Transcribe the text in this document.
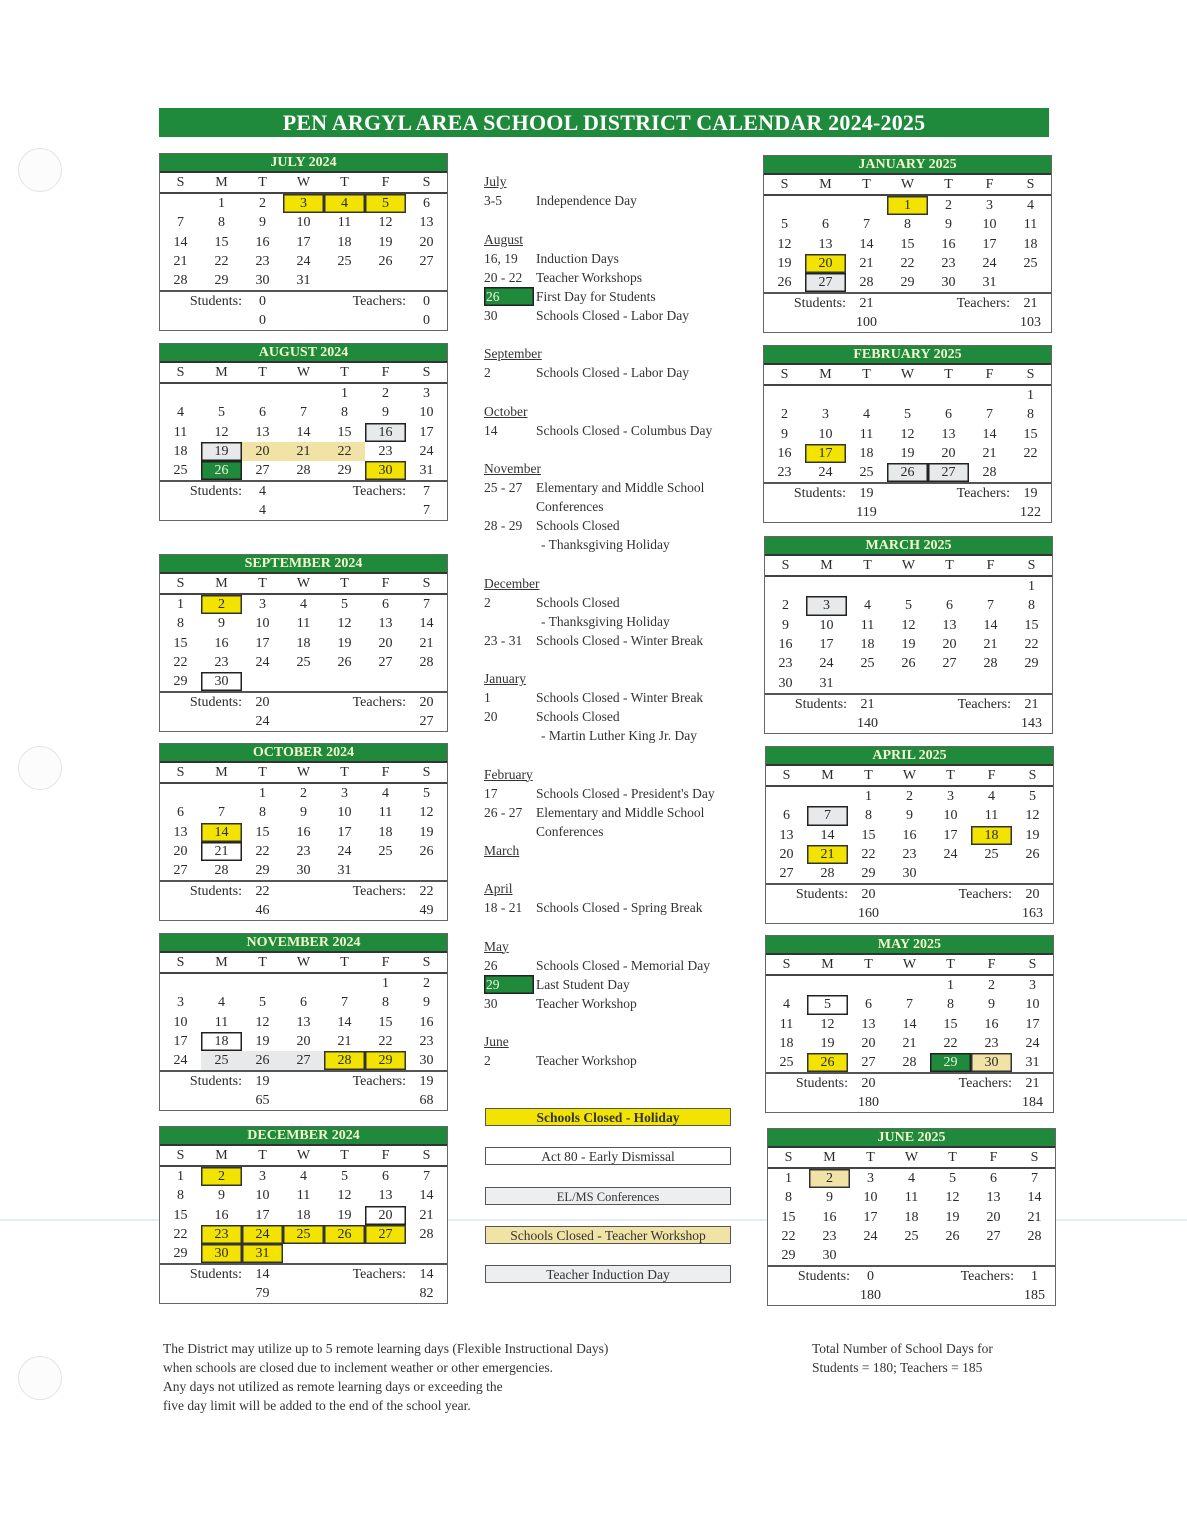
PEN ARGYL AREA SCHOOL DISTRICT CALENDAR 2024-2025
JULY 2024
S	M	T	W	T	F	S
	1	2	3	4	5	6
7	8	9	10	11	12	13
14	15	16	17	18	19	20
21	22	23	24	25	26	27
28	29	30	31			
Students:	0	Teachers:	0
	0		0
AUGUST 2024
S	M	T	W	T	F	S
				1	2	3
4	5	6	7	8	9	10
11	12	13	14	15	16	17
18	19	20	21	22	23	24
25	26	27	28	29	30	31
Students:	4	Teachers:	7
	4		7
SEPTEMBER 2024
S	M	T	W	T	F	S
1	2	3	4	5	6	7
8	9	10	11	12	13	14
15	16	17	18	19	20	21
22	23	24	25	26	27	28
29	30					
Students:	20	Teachers:	20
	24		27
OCTOBER 2024
S	M	T	W	T	F	S
		1	2	3	4	5
6	7	8	9	10	11	12
13	14	15	16	17	18	19
20	21	22	23	24	25	26
27	28	29	30	31		
Students:	22	Teachers:	22
	46		49
NOVEMBER 2024
S	M	T	W	T	F	S
					1	2
3	4	5	6	7	8	9
10	11	12	13	14	15	16
17	18	19	20	21	22	23
24	25	26	27	28	29	30
Students:	19	Teachers:	19
	65		68
DECEMBER 2024
S	M	T	W	T	F	S
1	2	3	4	5	6	7
8	9	10	11	12	13	14
15	16	17	18	19	20	21
22	23	24	25	26	27	28
29	30	31				
Students:	14	Teachers:	14
	79		82
JANUARY 2025
S	M	T	W	T	F	S
			1	2	3	4
5	6	7	8	9	10	11
12	13	14	15	16	17	18
19	20	21	22	23	24	25
26	27	28	29	30	31	
Students:	21	Teachers:	21
	100		103
FEBRUARY 2025
S	M	T	W	T	F	S
						1
2	3	4	5	6	7	8
9	10	11	12	13	14	15
16	17	18	19	20	21	22
23	24	25	26	27	28	
Students:	19	Teachers:	19
	119		122
MARCH 2025
S	M	T	W	T	F	S
						1
2	3	4	5	6	7	8
9	10	11	12	13	14	15
16	17	18	19	20	21	22
23	24	25	26	27	28	29
30	31					
Students:	21	Teachers:	21
	140		143
APRIL 2025
S	M	T	W	T	F	S
		1	2	3	4	5
6	7	8	9	10	11	12
13	14	15	16	17	18	19
20	21	22	23	24	25	26
27	28	29	30			
Students:	20	Teachers:	20
	160		163
MAY 2025
S	M	T	W	T	F	S
				1	2	3
4	5	6	7	8	9	10
11	12	13	14	15	16	17
18	19	20	21	22	23	24
25	26	27	28	29	30	31
Students:	20	Teachers:	21
	180		184
JUNE 2025
S	M	T	W	T	F	S
1	2	3	4	5	6	7
8	9	10	11	12	13	14
15	16	17	18	19	20	21
22	23	24	25	26	27	28
29	30					
Students:	0	Teachers:	1
	180		185
July
3-5	Independence Day
August
16, 19	Induction Days
20 - 22	Teacher Workshops
26	First Day for Students
30	Schools Closed - Labor Day
September
2	Schools Closed - Labor Day
October
14	Schools Closed - Columbus Day
November
25 - 27	Elementary and Middle School
Conferences
28 - 29	Schools Closed
- Thanksgiving Holiday
December
2	Schools Closed
- Thanksgiving Holiday
23 - 31	Schools Closed - Winter Break
January
1	Schools Closed - Winter Break
20	Schools Closed
- Martin Luther King Jr. Day
February
17	Schools Closed - President's Day
26 - 27	Elementary and Middle School
Conferences
March
April
18 - 21	Schools Closed - Spring Break
May
26	Schools Closed - Memorial Day
29	Last Student Day
30	Teacher Workshop
June
2	Teacher Workshop
Schools Closed - Holiday
Act 80 - Early Dismissal
EL/MS Conferences
Schools Closed - Teacher Workshop
Teacher Induction Day
The District may utilize up to 5 remote learning days (Flexible Instructional Days)
when schools are closed due to inclement weather or other emergencies.
Any days not utilized as remote learning days or exceeding the
five day limit will be added to the end of the school year.
Total Number of School Days for
Students = 180; Teachers = 185
